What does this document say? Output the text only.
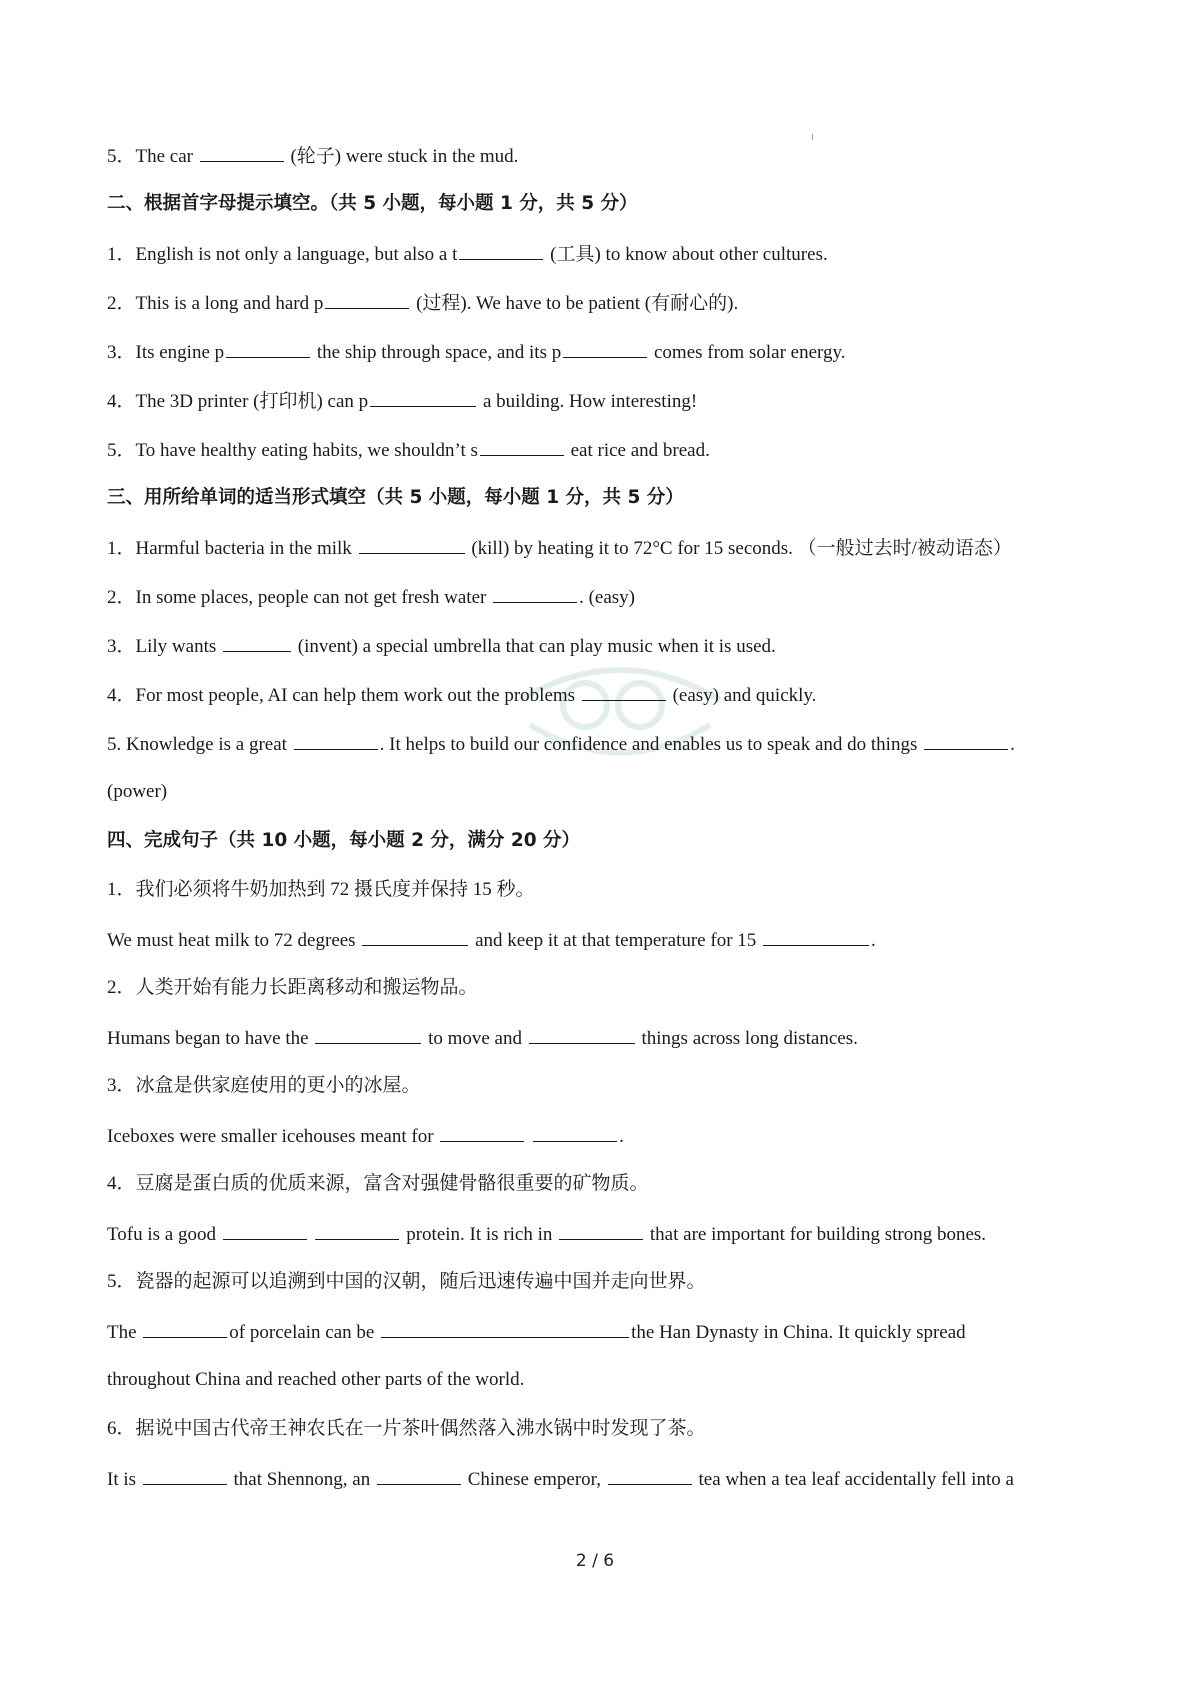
5．The car	(轮子) were stuck in the mud.
二、根据首字母提示填空。（共 5 小题，每小题 1 分，共 5 分）
1．English is not only a language, but also a t	(工具) to know about other cultures.
2．This is a long and hard p	(过程). We have to be patient (有耐心的).
3．Its engine p	the ship through space, and its p	comes from solar energy.
4．The 3D printer (打印机) can p	a building. How interesting!
5．To have healthy eating habits, we shouldn’t s	eat rice and bread.
三、用所给单词的适当形式填空（共 5 小题，每小题 1 分，共 5 分）
1．Harmful bacteria in the milk	(kill) by heating it to 72°C for 15 seconds. （一般过去时/被动语态）
2．In some places, people can not get fresh water	. (easy)
3．Lily wants	(invent) a special umbrella that can play music when it is used.
4．For most people, AI can help them work out the problems	(easy) and quickly.
5. Knowledge is a great	. It helps to build our confidence and enables us to speak and do things	.
(power)
四、完成句子（共 10 小题，每小题 2 分，满分 20 分）
1．我们必须将牛奶加热到 72 摄氏度并保持 15 秒。
We must heat milk to 72 degrees	and keep it at that temperature for 15	.
2．人类开始有能力长距离移动和搬运物品。
Humans began to have the	to move and	things across long distances.
3．冰盒是供家庭使用的更小的冰屋。
Iceboxes were smaller icehouses meant for	.
4．豆腐是蛋白质的优质来源，富含对强健骨骼很重要的矿物质。
Tofu is a good	protein. It is rich in	that are important for building strong bones.
5．瓷器的起源可以追溯到中国的汉朝，随后迅速传遍中国并走向世界。
The	of porcelain can be	the Han Dynasty in China. It quickly spread
throughout China and reached other parts of the world.
6．据说中国古代帝王神农氏在一片茶叶偶然落入沸水锅中时发现了茶。
It is	that Shennong, an	Chinese emperor,	tea when a tea leaf accidentally fell into a
2 / 6
